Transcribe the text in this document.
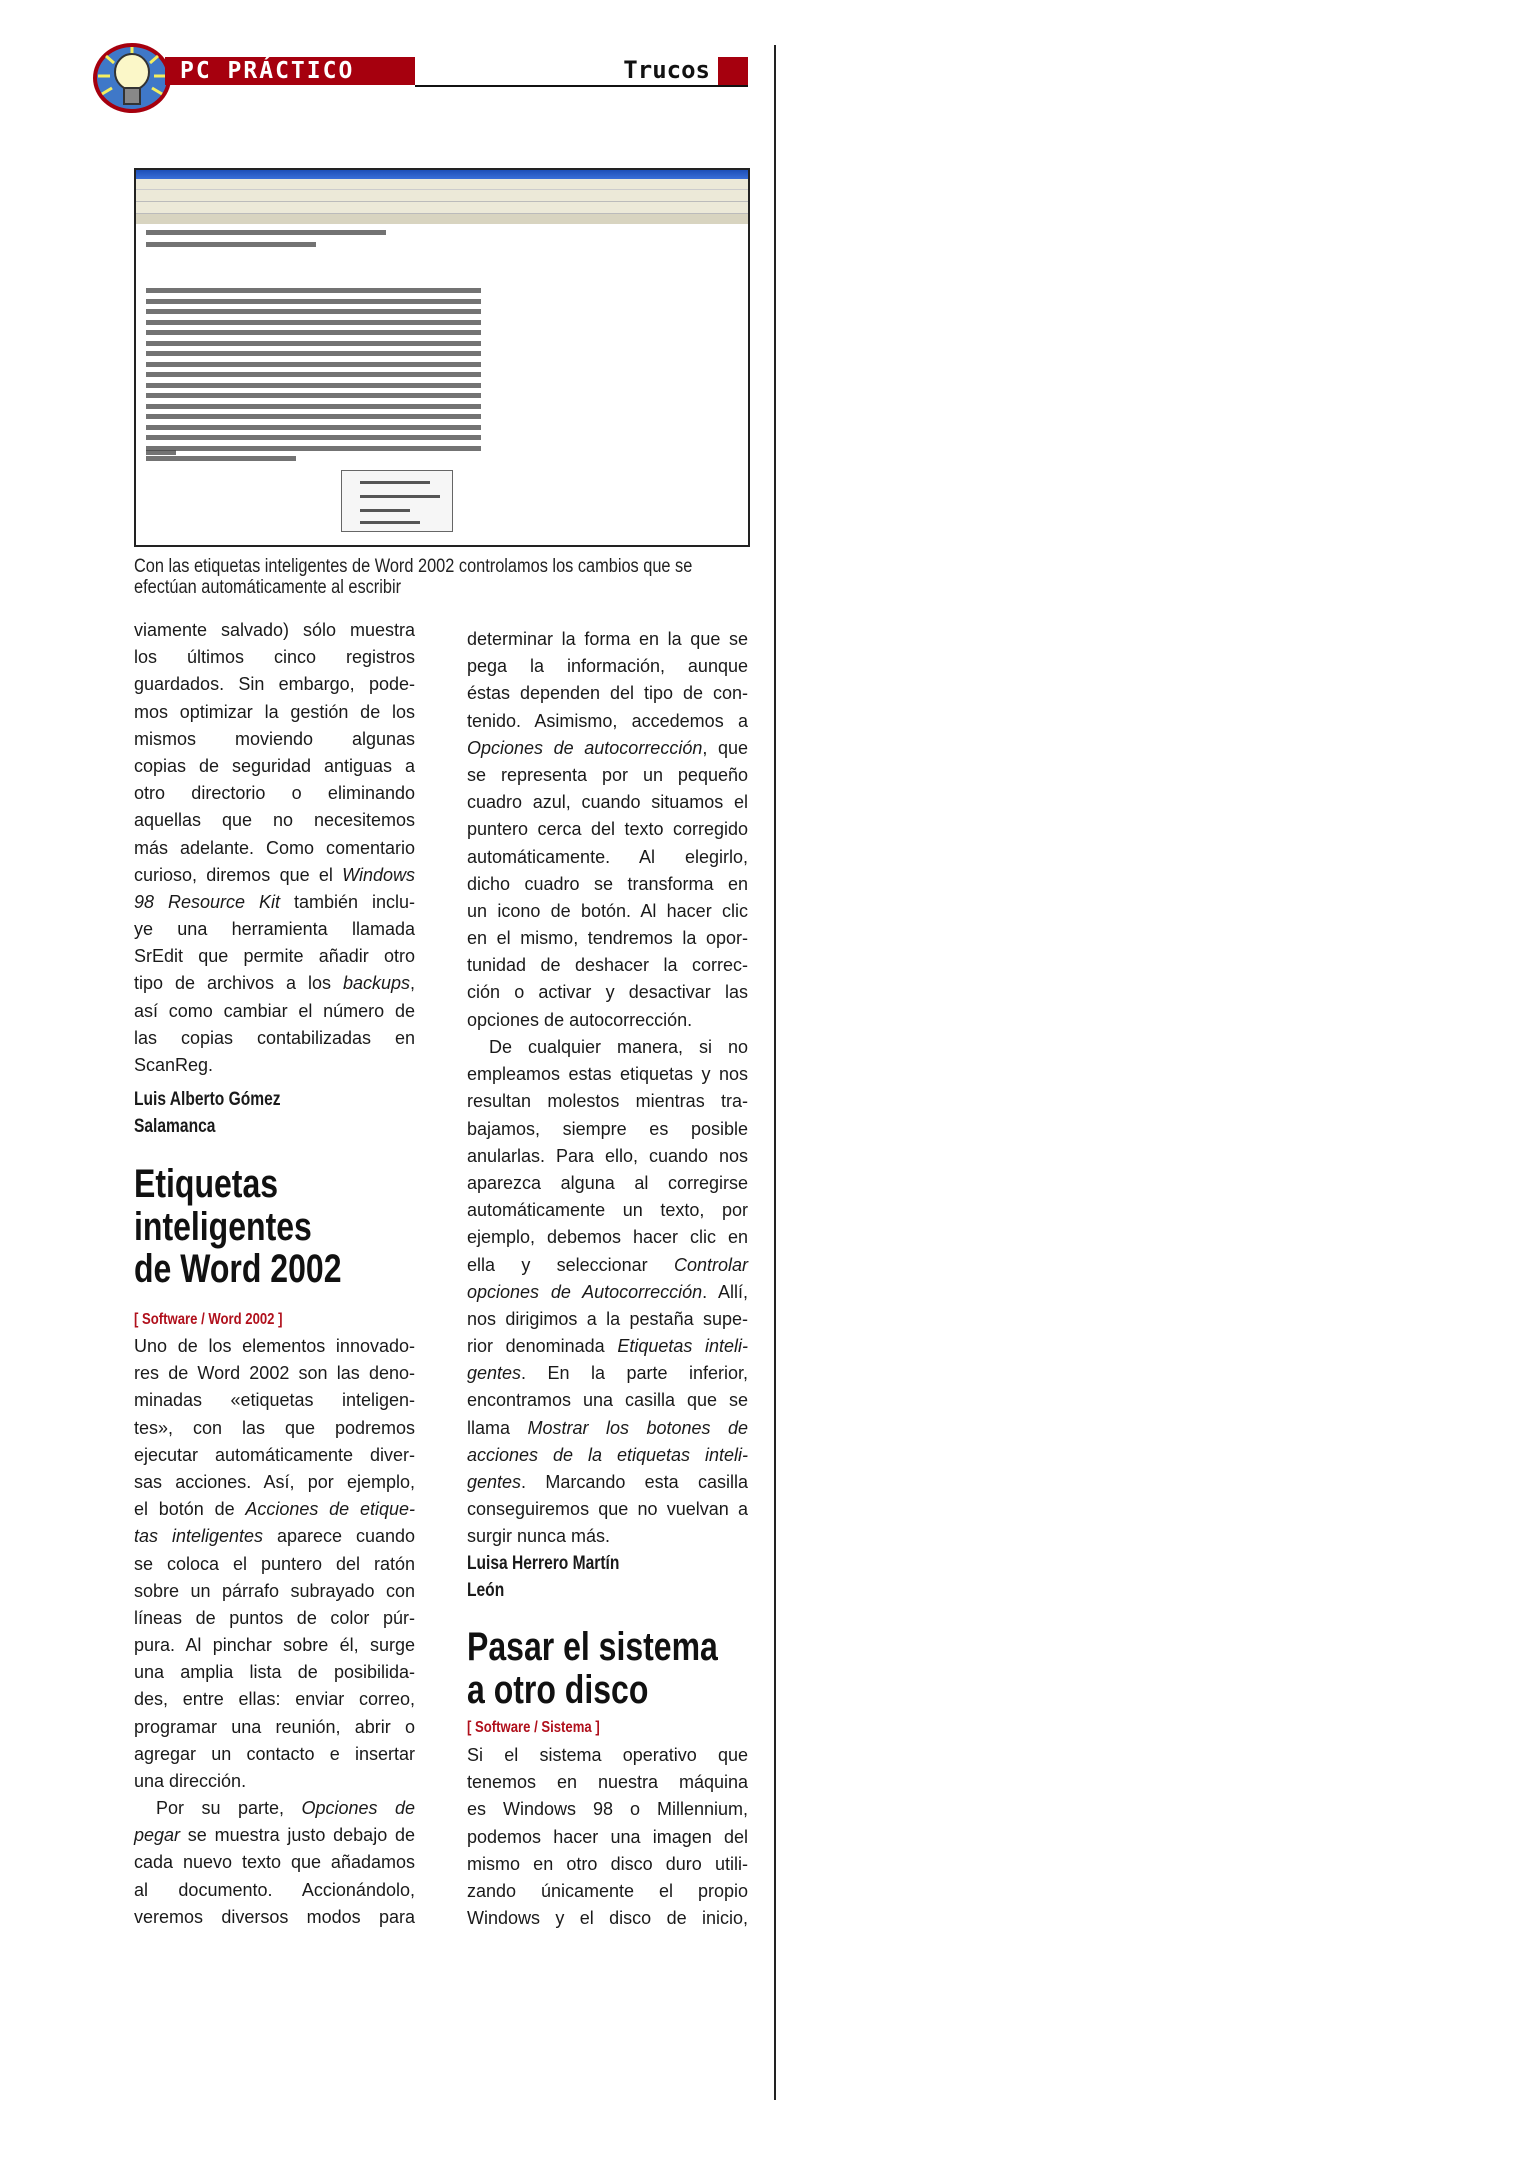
PC PRÁCTICO	Trucos
Con las etiquetas inteligentes de Word 2002 controlamos los cambios que se
efectúan automáticamente al escribir
viamente salvado) sólo muestra
los últimos cinco registros
guardados. Sin embargo, pode-
mos optimizar la gestión de los
mismos moviendo algunas
copias de seguridad antiguas a
otro directorio o eliminando
aquellas que no necesitemos
más adelante. Como comentario
curioso, diremos que el Windows
98 Resource Kit también inclu-
ye una herramienta llamada
SrEdit que permite añadir otro
tipo de archivos a los backups,
así como cambiar el número de
las copias contabilizadas en
ScanReg.
Luis Alberto Gómez
Salamanca
Etiquetas
inteligentes
de Word 2002
[ Software / Word 2002 ]
Uno de los elementos innovado-
res de Word 2002 son las deno-
minadas «etiquetas inteligen-
tes», con las que podremos
ejecutar automáticamente diver-
sas acciones. Así, por ejemplo,
el botón de Acciones de etique-
tas inteligentes aparece cuando
se coloca el puntero del ratón
sobre un párrafo subrayado con
líneas de puntos de color púr-
pura. Al pinchar sobre él, surge
una amplia lista de posibilida-
des, entre ellas: enviar correo,
programar una reunión, abrir o
agregar un contacto e insertar
una dirección.
Por su parte, Opciones de
pegar se muestra justo debajo de
cada nuevo texto que añadamos
al documento. Accionándolo,
veremos diversos modos para
determinar la forma en la que se
pega la información, aunque
éstas dependen del tipo de con-
tenido. Asimismo, accedemos a
Opciones de autocorrección, que
se representa por un pequeño
cuadro azul, cuando situamos el
puntero cerca del texto corregido
automáticamente. Al elegirlo,
dicho cuadro se transforma en
un icono de botón. Al hacer clic
en el mismo, tendremos la opor-
tunidad de deshacer la correc-
ción o activar y desactivar las
opciones de autocorrección.
De cualquier manera, si no
empleamos estas etiquetas y nos
resultan molestos mientras tra-
bajamos, siempre es posible
anularlas. Para ello, cuando nos
aparezca alguna al corregirse
automáticamente un texto, por
ejemplo, debemos hacer clic en
ella y seleccionar Controlar
opciones de Autocorrección. Allí,
nos dirigimos a la pestaña supe-
rior denominada Etiquetas inteli-
gentes. En la parte inferior,
encontramos una casilla que se
llama Mostrar los botones de
acciones de la etiquetas inteli-
gentes. Marcando esta casilla
conseguiremos que no vuelvan a
surgir nunca más.
Luisa Herrero Martín
León
Pasar el sistema
a otro disco
[ Software / Sistema ]
Si el sistema operativo que
tenemos en nuestra máquina
es Windows 98 o Millennium,
podemos hacer una imagen del
mismo en otro disco duro utili-
zando únicamente el propio
Windows y el disco de inicio,
